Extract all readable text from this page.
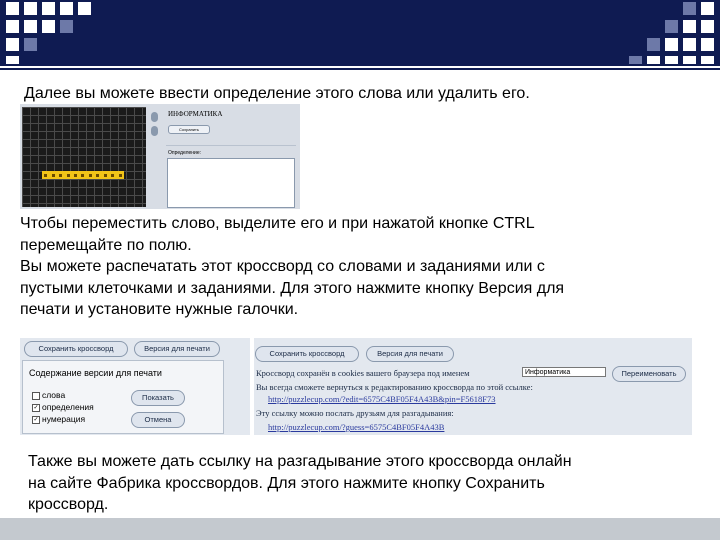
Далее вы можете ввести определение этого слова или удалить его.
ИНФОРМАТИКА
Сохранить
Определение:
Чтобы переместить слово, выделите его и при нажатой кнопке CTRL
перемещайте по полю.
Вы можете распечатать этот кроссворд со словами и заданиями или с
пустыми клеточками и заданиями. Для этого нажмите кнопку Версия для
печати и установите нужные галочки.
Сохранить кроссворд	Версия для печати
Содержание версии для печати
слова
✓ определения
✓ нумерация
Показать
Отмена
Сохранить кроссворд	Версия для печати
Кроссворд сохранён в cookies вашего браузера под именем	Информатика	Переименовать
Вы всегда сможете вернуться к редактированию кроссворда по этой ссылке:
http://puzzlecup.com/?edit=6575C4BF05F4A43B&pin=F5618F73
Эту ссылку можно послать друзьям для разгадывания:
http://puzzlecup.com/?guess=6575C4BF05F4A43B
Также вы можете дать ссылку на разгадывание этого кроссворда онлайн
на сайте Фабрика кроссвордов. Для этого нажмите кнопку Сохранить
кроссворд.
